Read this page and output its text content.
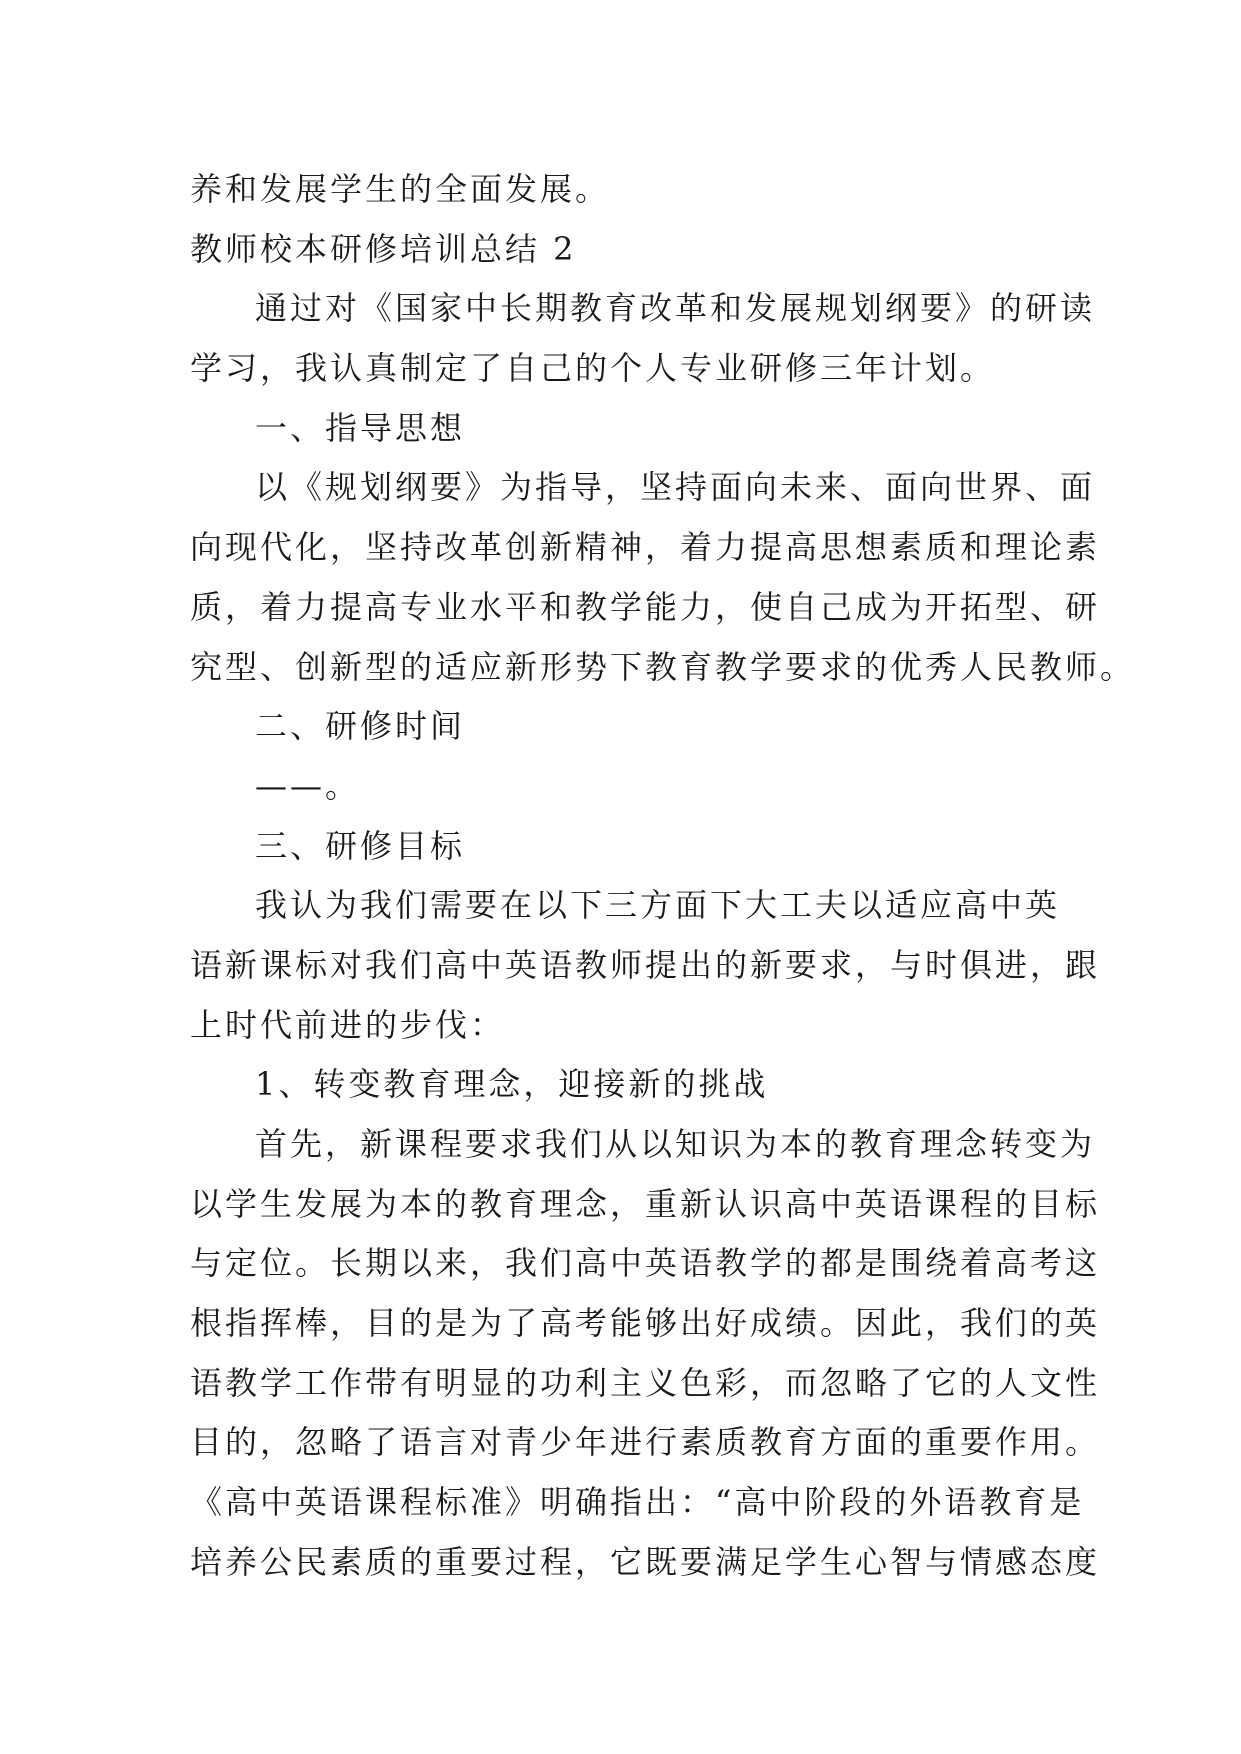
养和发展学生的全面发展。
教师校本研修培训总结 2
通过对《国家中长期教育改革和发展规划纲要》的研读
学习，我认真制定了自己的个人专业研修三年计划。
一、指导思想
以《规划纲要》为指导，坚持面向未来、面向世界、面
向现代化，坚持改革创新精神，着力提高思想素质和理论素
质，着力提高专业水平和教学能力，使自己成为开拓型、研
究型、创新型的适应新形势下教育教学要求的优秀人民教师。
二、研修时间
——。
三、研修目标
我认为我们需要在以下三方面下大工夫以适应高中英
语新课标对我们高中英语教师提出的新要求，与时俱进，跟
上时代前进的步伐：
1、转变教育理念，迎接新的挑战
首先，新课程要求我们从以知识为本的教育理念转变为
以学生发展为本的教育理念，重新认识高中英语课程的目标
与定位。长期以来，我们高中英语教学的都是围绕着高考这
根指挥棒，目的是为了高考能够出好成绩。因此，我们的英
语教学工作带有明显的功利主义色彩，而忽略了它的人文性
目的，忽略了语言对青少年进行素质教育方面的重要作用。
《高中英语课程标准》明确指出：“高中阶段的外语教育是
培养公民素质的重要过程，它既要满足学生心智与情感态度
